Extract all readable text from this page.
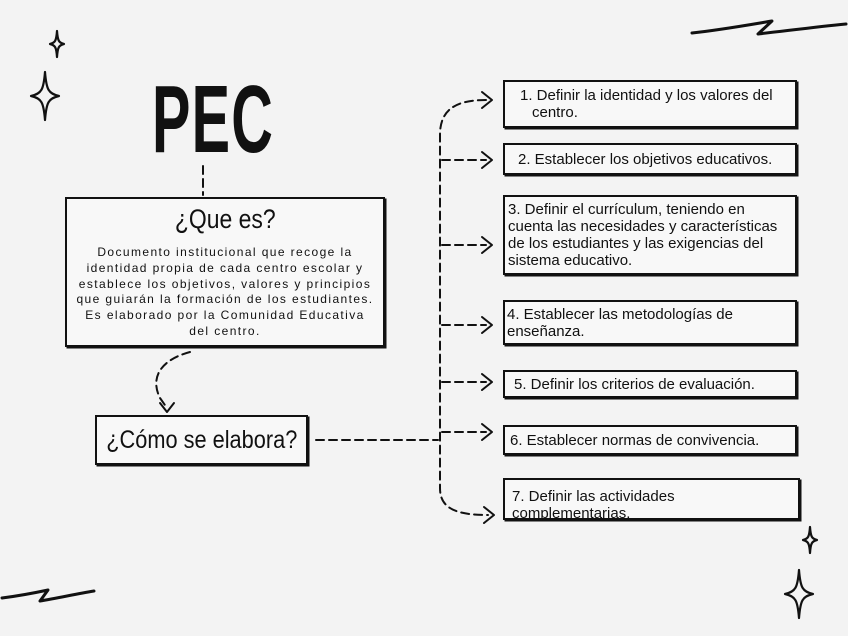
PEC
¿Que es?
Documento institucional que recoge la
identidad propia de cada centro escolar y
establece los objetivos, valores y principios
que guiarán la formación de los estudiantes.
Es elaborado por la Comunidad Educativa
del centro.
¿Cómo se elabora?
1. Definir la identidad y los valores del centro.
2. Establecer los objetivos educativos.
3. Definir el currículum, teniendo en cuenta las necesidades y características de los estudiantes y las exigencias del sistema educativo.
4. Establecer las metodologías de enseñanza.
5. Definir los criterios de evaluación.
6. Establecer normas de convivencia.
7. Definir las actividades complementarias.
